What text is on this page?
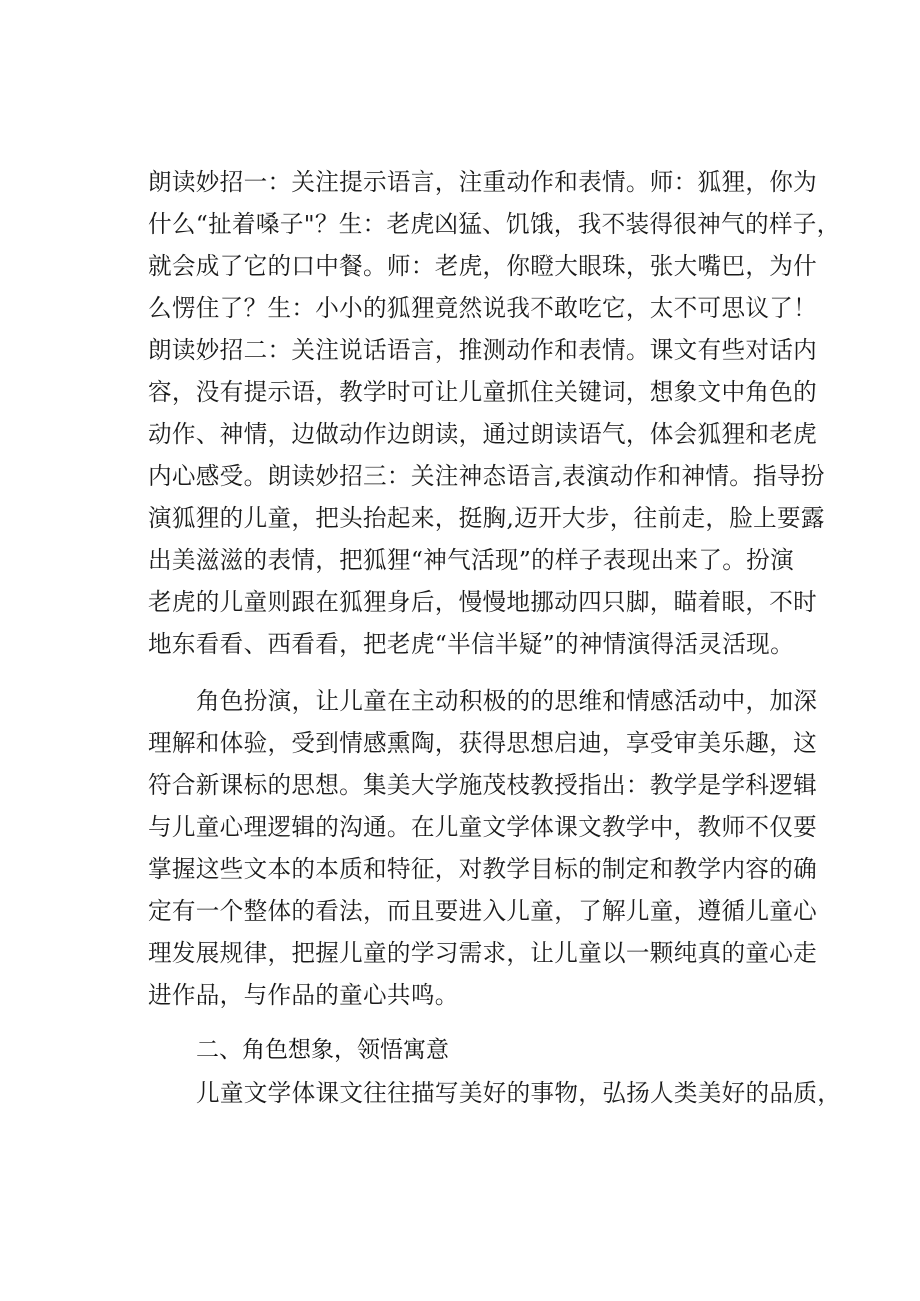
朗读妙招一：关注提示语言，注重动作和表情。师：狐狸，你为
什么“扯着嗓子"？生：老虎凶猛、饥饿，我不装得很神气的样子，
就会成了它的口中餐。师：老虎，你瞪大眼珠，张大嘴巴，为什
么愣住了？生：小小的狐狸竟然说我不敢吃它，太不可思议了！
朗读妙招二：关注说话语言，推测动作和表情。课文有些对话内
容，没有提示语，教学时可让儿童抓住关键词，想象文中角色的
动作、神情，边做动作边朗读，通过朗读语气，体会狐狸和老虎
内心感受。朗读妙招三：关注神态语言,表演动作和神情。指导扮
演狐狸的儿童，把头抬起来，挺胸,迈开大步，往前走，脸上要露
出美滋滋的表情，把狐狸“神气活现”的样子表现出来了。扮演
老虎的儿童则跟在狐狸身后，慢慢地挪动四只脚，瞄着眼，不时
地东看看、西看看，把老虎“半信半疑”的神情演得活灵活现。
角色扮演，让儿童在主动积极的的思维和情感活动中，加深
理解和体验，受到情感熏陶，获得思想启迪，享受审美乐趣，这
符合新课标的思想。集美大学施茂枝教授指出：教学是学科逻辑
与儿童心理逻辑的沟通。在儿童文学体课文教学中，教师不仅要
掌握这些文本的本质和特征，对教学目标的制定和教学内容的确
定有一个整体的看法，而且要进入儿童，了解儿童，遵循儿童心
理发展规律，把握儿童的学习需求，让儿童以一颗纯真的童心走
进作品，与作品的童心共鸣。
二、角色想象，领悟寓意
儿童文学体课文往往描写美好的事物，弘扬人类美好的品质，
